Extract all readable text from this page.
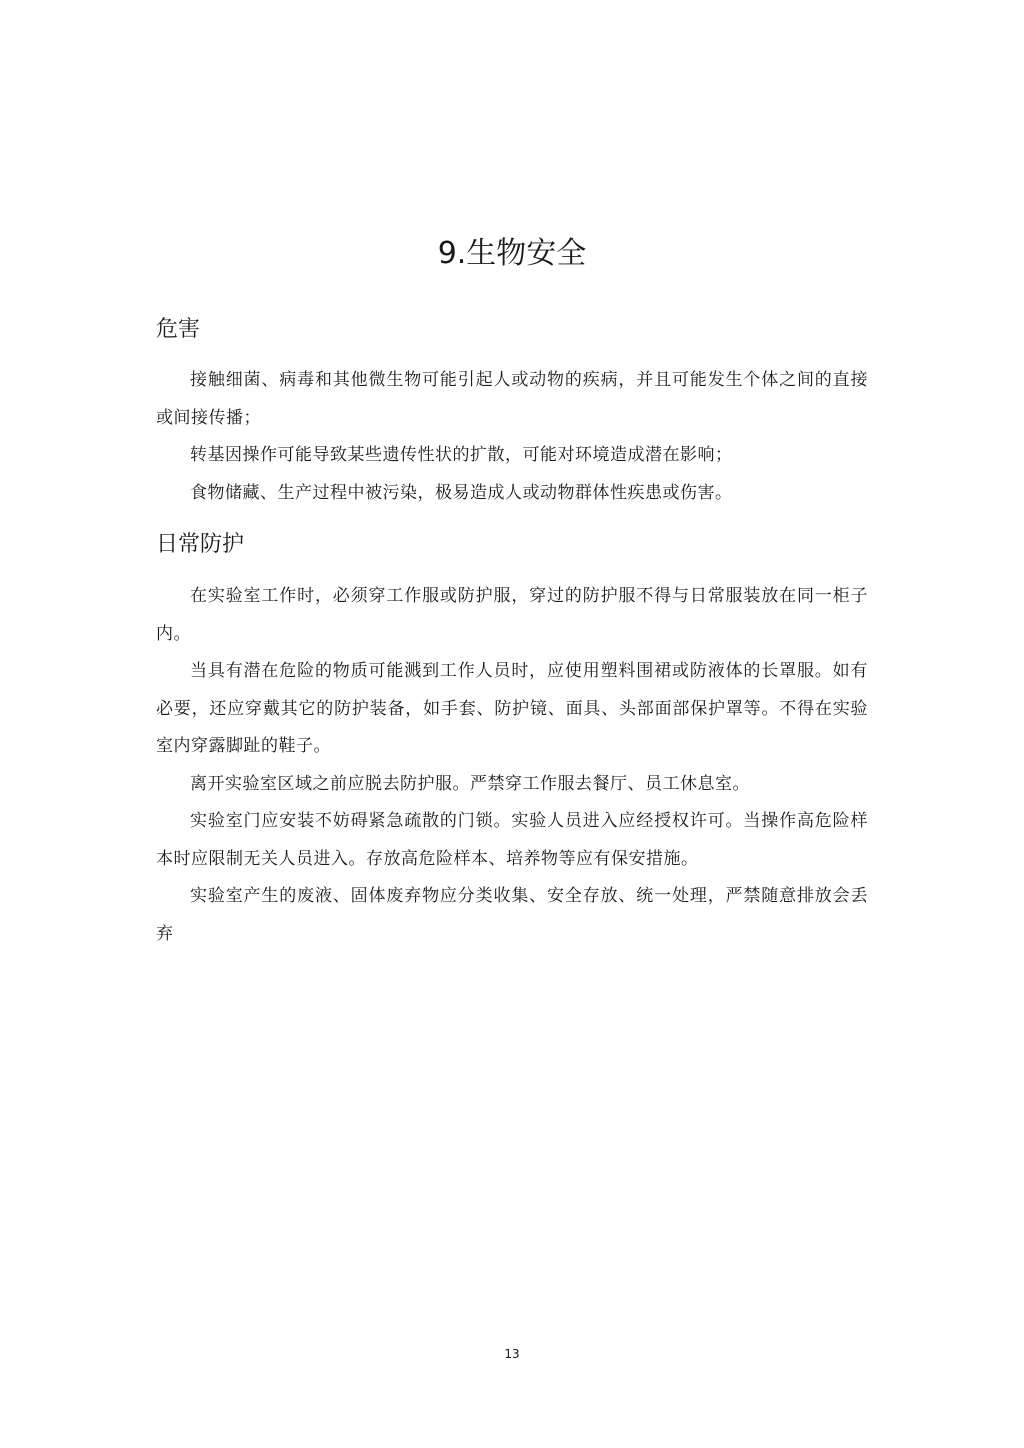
9.生物安全
危害

接触细菌、病毒和其他微生物可能引起人或动物的疾病，并且可能发生个体之间的直接或间接传播；

转基因操作可能导致某些遗传性状的扩散，可能对环境造成潜在影响；

食物储藏、生产过程中被污染，极易造成人或动物群体性疾患或伤害。

日常防护

在实验室工作时，必须穿工作服或防护服，穿过的防护服不得与日常服装放在同一柜子内。

当具有潜在危险的物质可能溅到工作人员时，应使用塑料围裙或防液体的长罩服。如有必要，还应穿戴其它的防护装备，如手套、防护镜、面具、头部面部保护罩等。不得在实验室内穿露脚趾的鞋子。

离开实验室区域之前应脱去防护服。严禁穿工作服去餐厅、员工休息室。

实验室门应安装不妨碍紧急疏散的门锁。实验人员进入应经授权许可。当操作高危险样本时应限制无关人员进入。存放高危险样本、培养物等应有保安措施。

实验室产生的废液、固体废弃物应分类收集、安全存放、统一处理，严禁随意排放会丢弃

13
